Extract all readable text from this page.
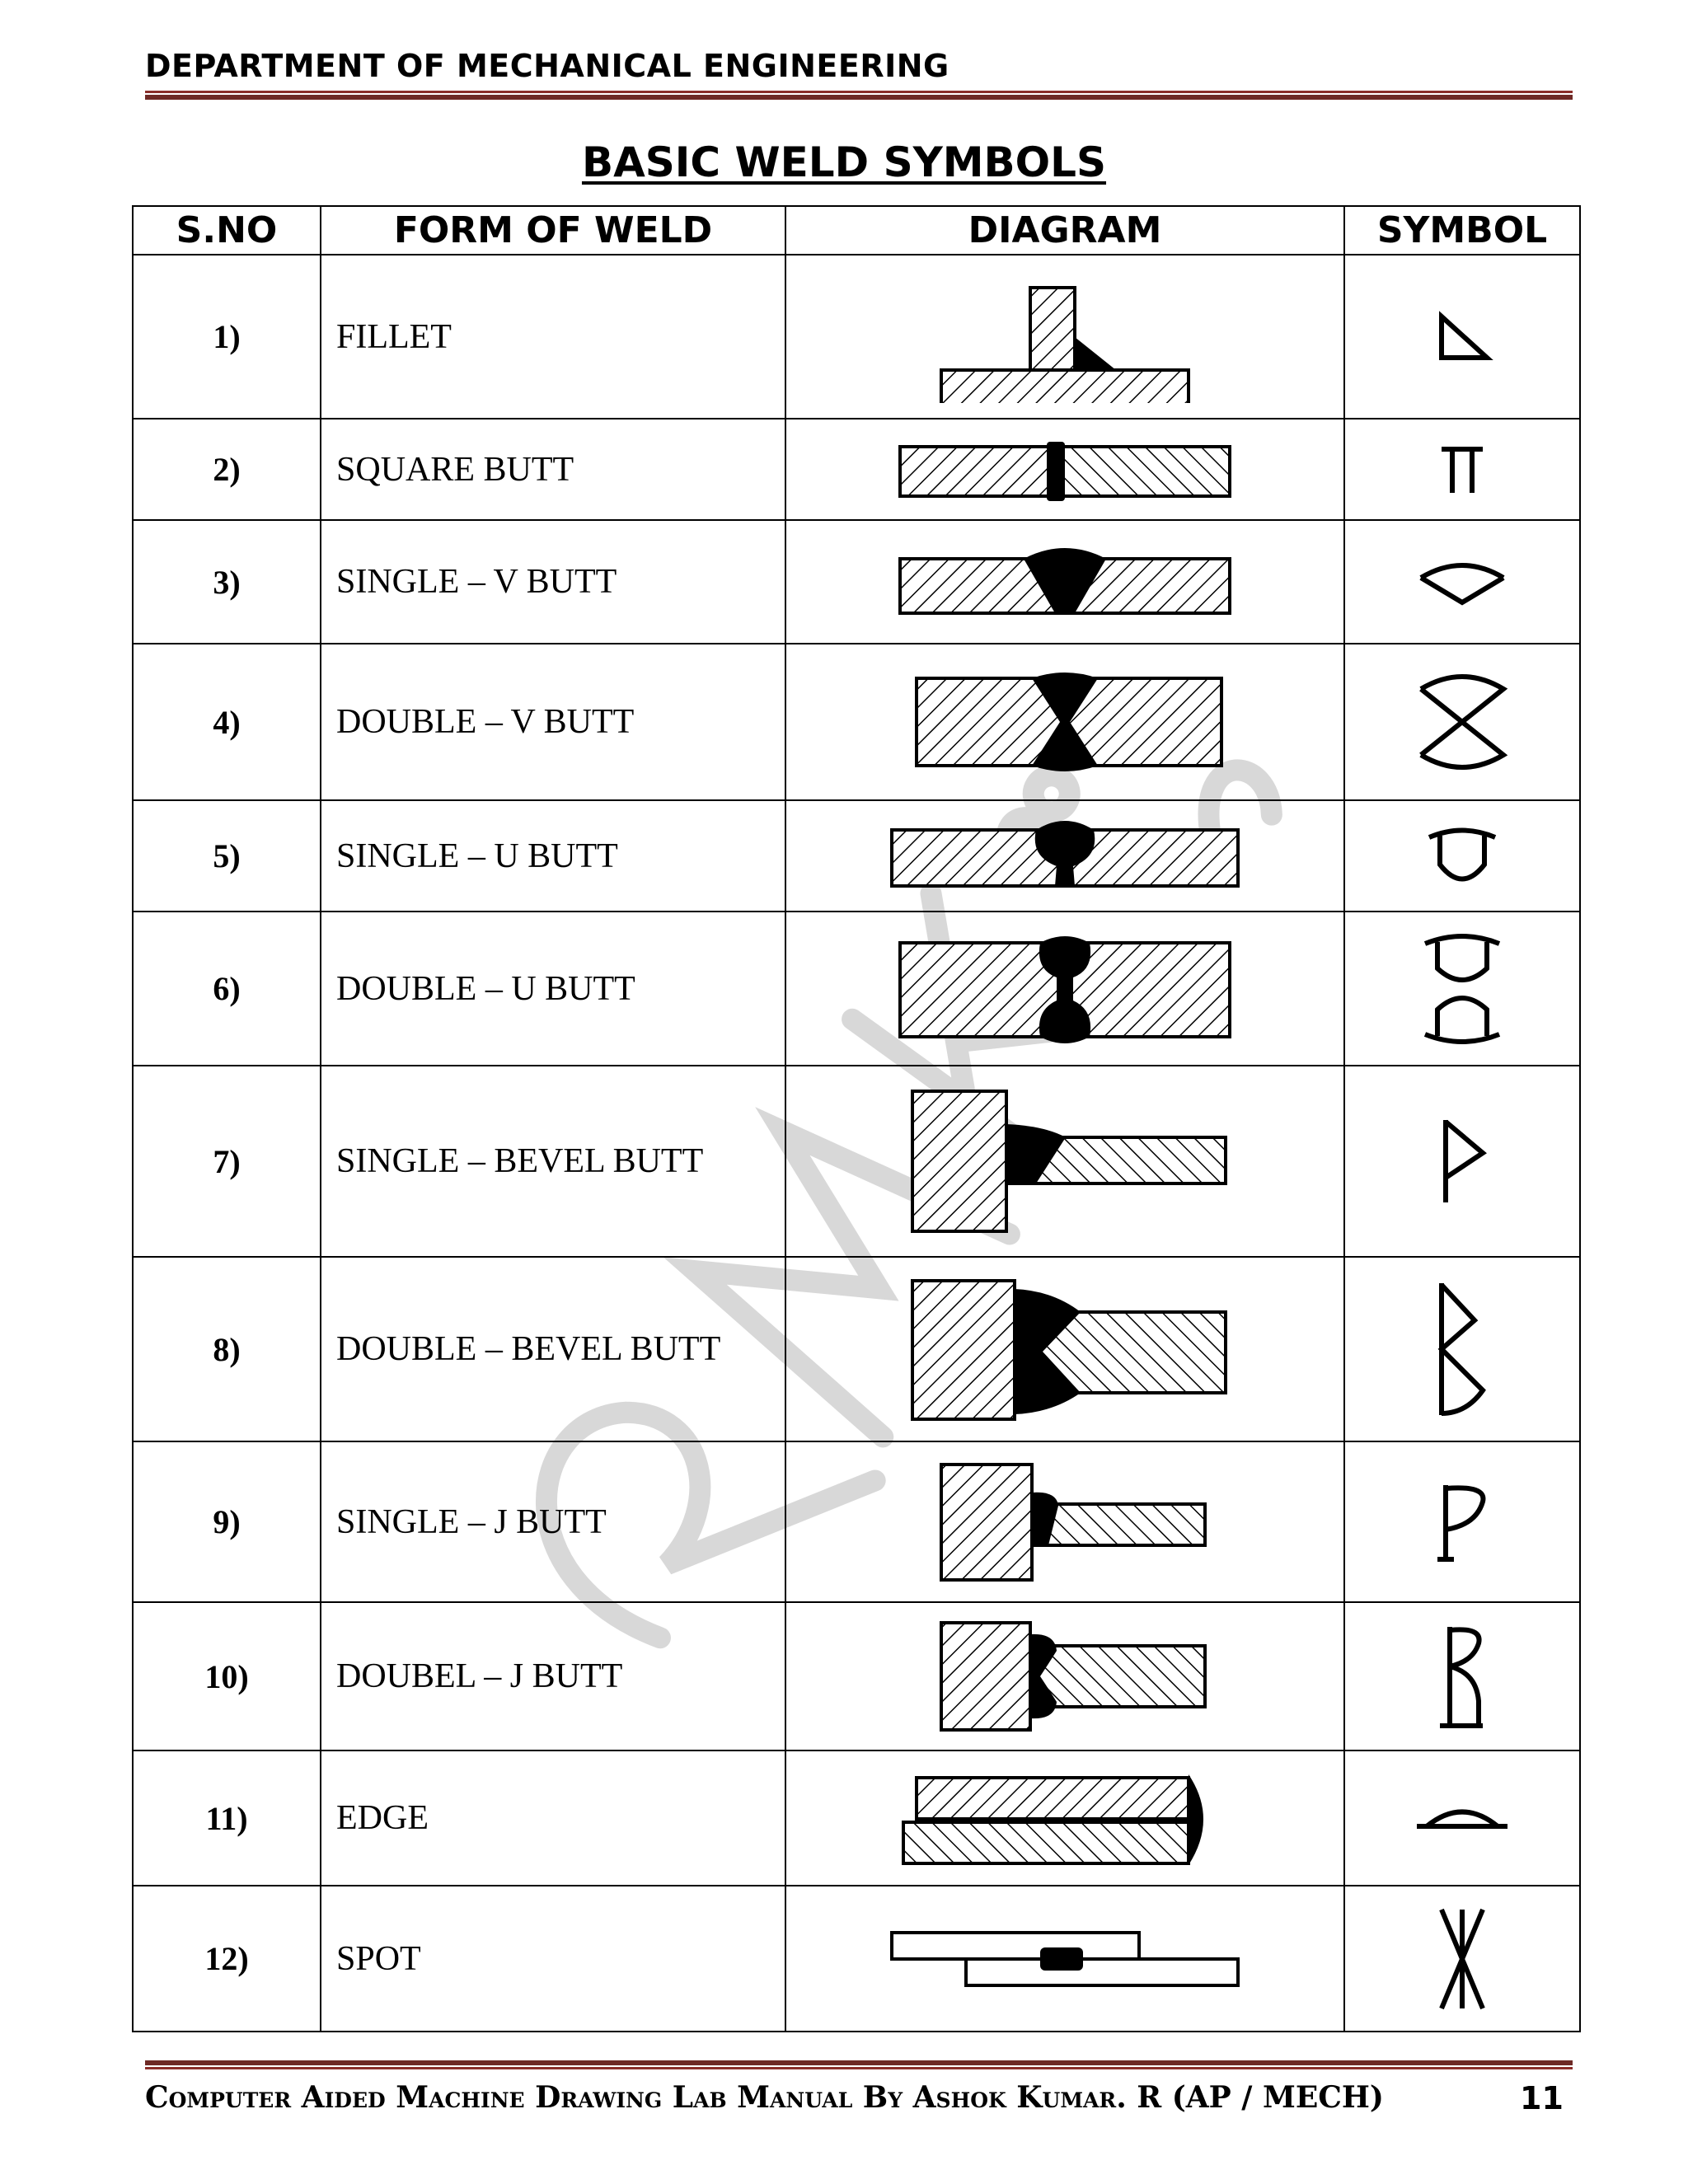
DEPARTMENT OF MECHANICAL ENGINEERING
BASIC WELD SYMBOLS
S.NO	FORM OF WELD	DIAGRAM	SYMBOL
1)	FILLET	

2)	SQUARE BUTT	

3)	SINGLE – V BUTT	

4)	DOUBLE – V BUTT	

5)	SINGLE – U BUTT	

6)	DOUBLE – U BUTT	

7)	SINGLE – BEVEL BUTT	

8)	DOUBLE – BEVEL BUTT	

9)	SINGLE – J BUTT	

10)	DOUBEL – J BUTT	

11)	EDGE	

12)	SPOT	

Computer Aided Machine Drawing Lab Manual By Ashok Kumar. R (AP / MECH)	11
